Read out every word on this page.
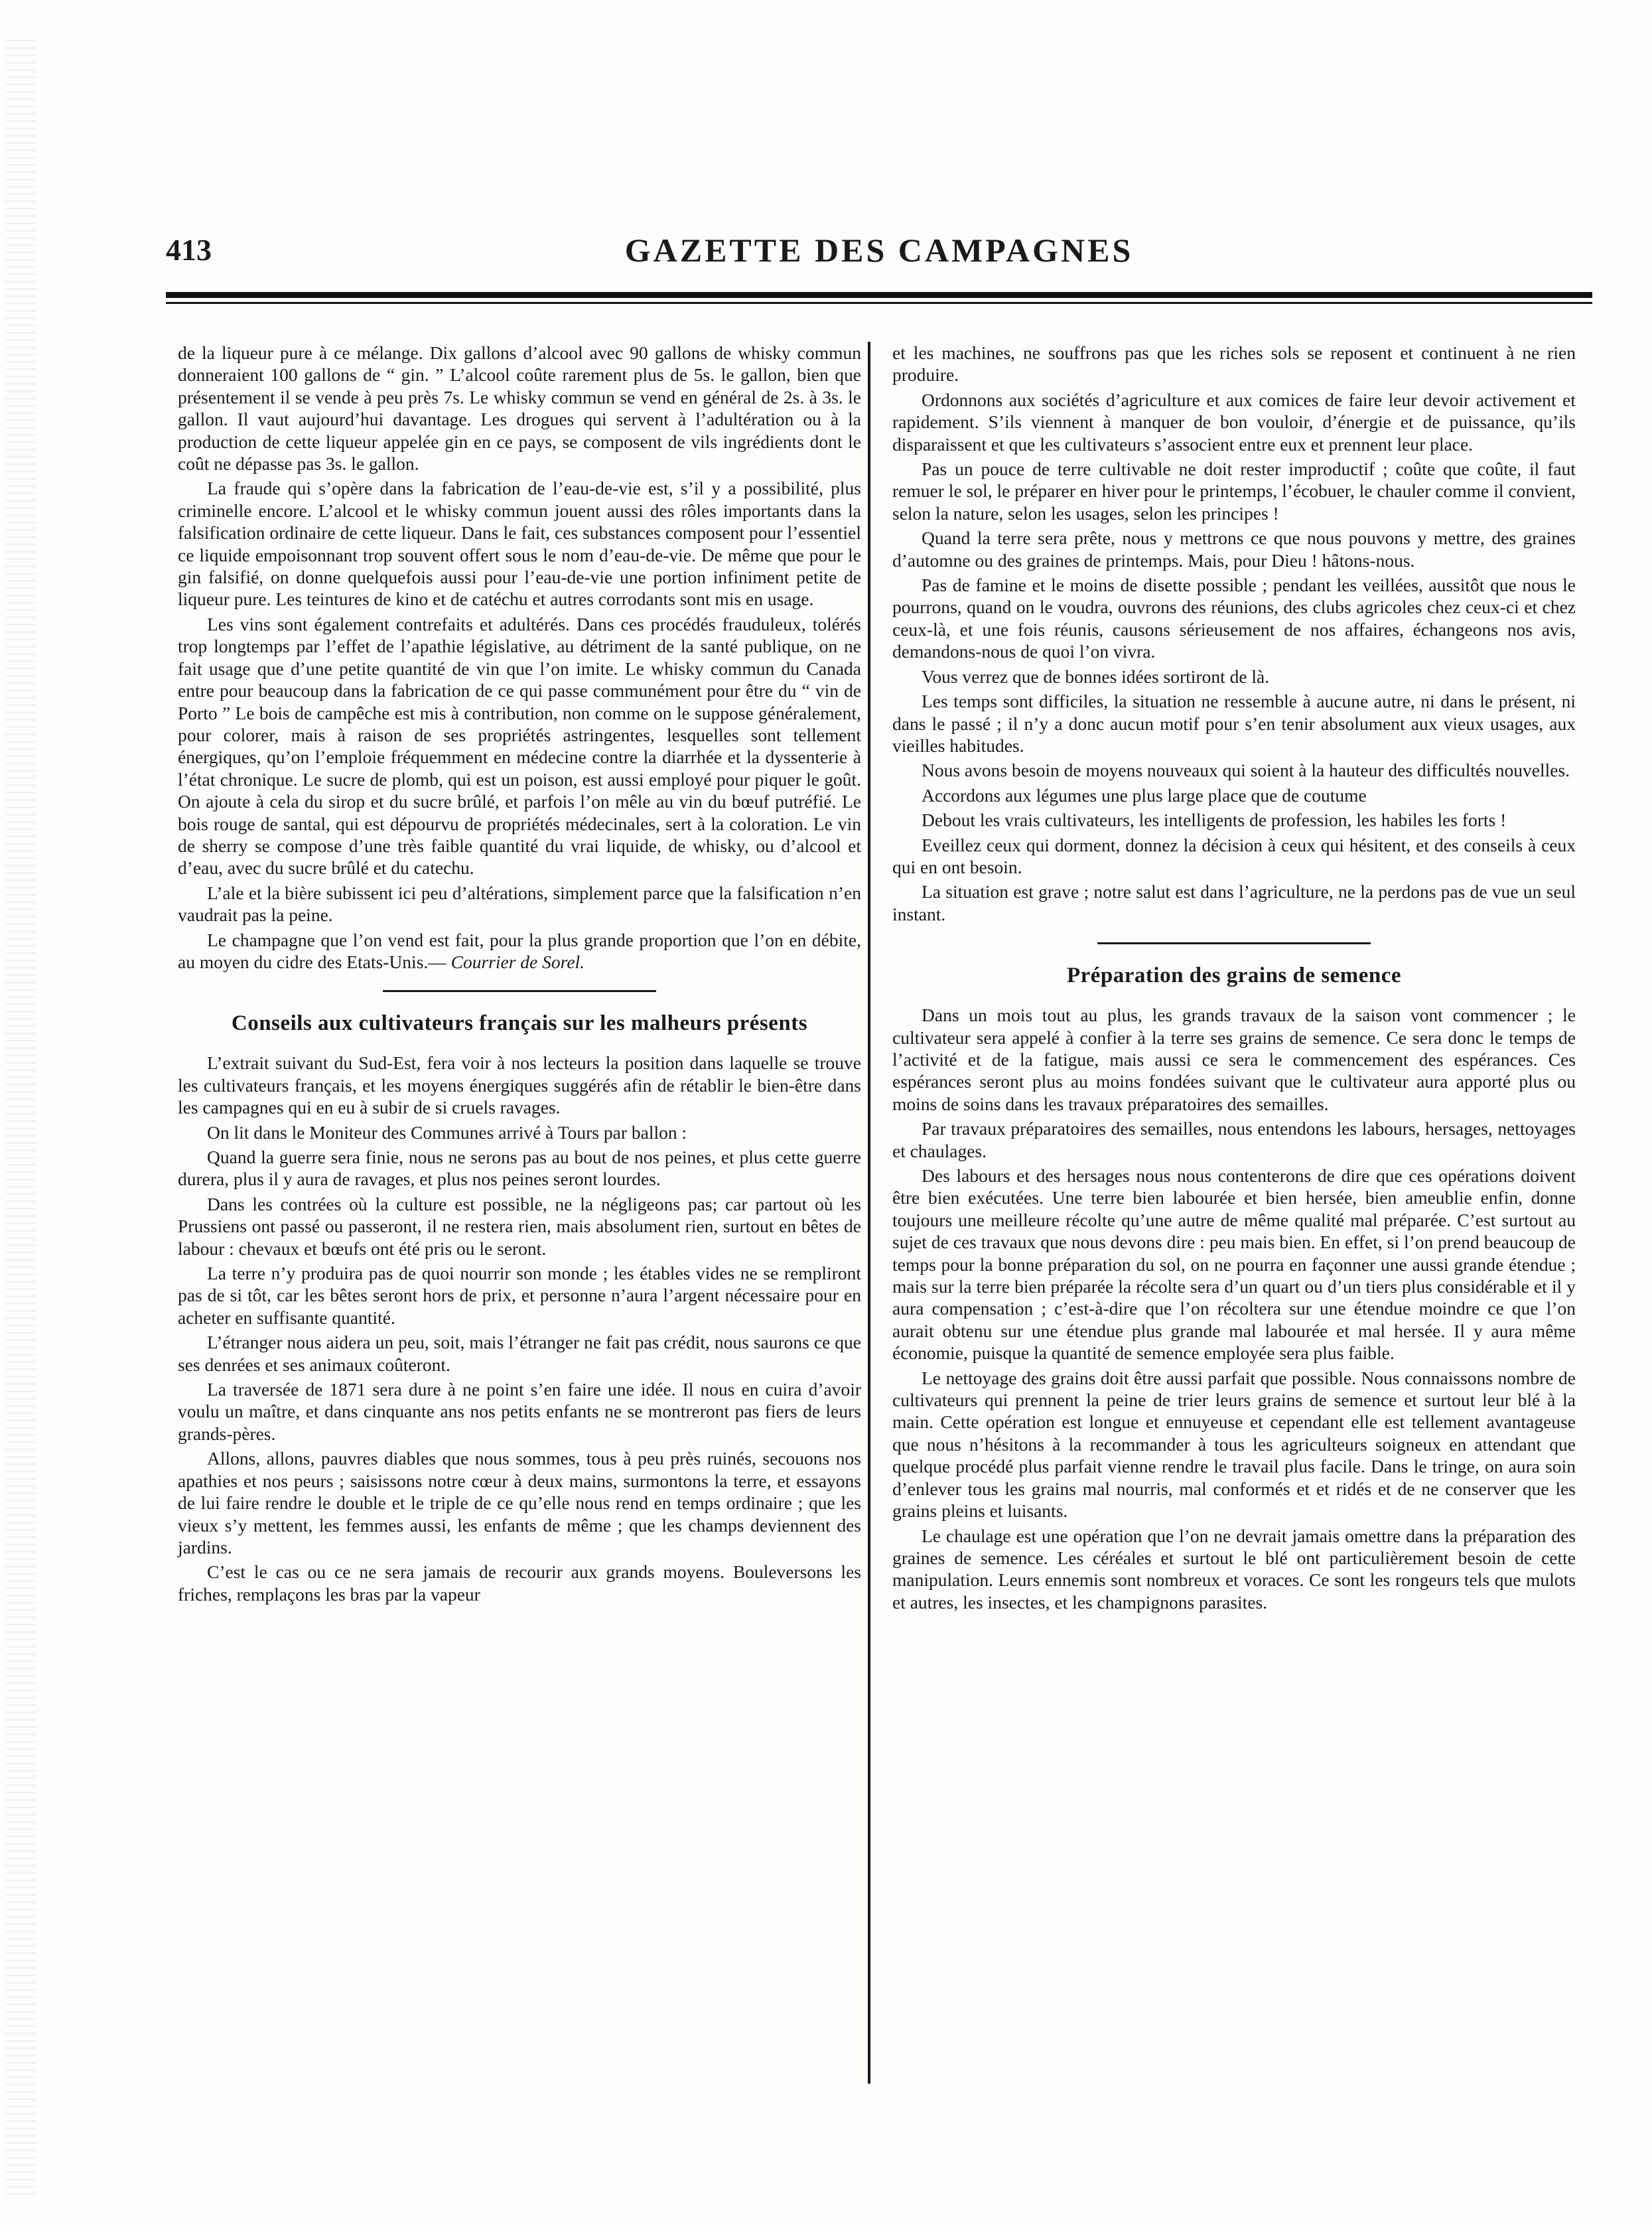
413	GAZETTE DES CAMPAGNES

de la liqueur pure à ce mélange. Dix gallons d’alcool avec 90 gallons de whisky commun donneraient 100 gallons de “ gin. ” L’alcool coûte rarement plus de 5s. le gallon, bien que présentement il se vende à peu près 7s. Le whisky commun se vend en général de 2s. à 3s. le gallon. Il vaut aujourd’hui davantage. Les drogues qui servent à l’adultération ou à la production de cette liqueur appelée gin en ce pays, se composent de vils ingrédients dont le coût ne dépasse pas 3s. le gallon.

La fraude qui s’opère dans la fabrication de l’eau-de-vie est, s’il y a possibilité, plus criminelle encore. L’alcool et le whisky commun jouent aussi des rôles importants dans la falsification ordinaire de cette liqueur. Dans le fait, ces substances composent pour l’essentiel ce liquide empoisonnant trop souvent offert sous le nom d’eau-de-vie. De même que pour le gin falsifié, on donne quelquefois aussi pour l’eau-de-vie une portion infiniment petite de liqueur pure. Les teintures de kino et de catéchu et autres corrodants sont mis en usage.

Les vins sont également contrefaits et adultérés. Dans ces procédés frauduleux, tolérés trop longtemps par l’effet de l’apathie législative, au détriment de la santé publique, on ne fait usage que d’une petite quantité de vin que l’on imite. Le whisky commun du Canada entre pour beaucoup dans la fabrication de ce qui passe communément pour être du “ vin de Porto ” Le bois de campêche est mis à contribution, non comme on le suppose généralement, pour colorer, mais à raison de ses propriétés astringentes, lesquelles sont tellement énergiques, qu’on l’emploie fréquemment en médecine contre la diarrhée et la dyssenterie à l’état chronique. Le sucre de plomb, qui est un poison, est aussi employé pour piquer le goût. On ajoute à cela du sirop et du sucre brûlé, et parfois l’on mêle au vin du bœuf putréfié. Le bois rouge de santal, qui est dépourvu de propriétés médecinales, sert à la coloration. Le vin de sherry se compose d’une très faible quantité du vrai liquide, de whisky, ou d’alcool et d’eau, avec du sucre brûlé et du catechu.

L’ale et la bière subissent ici peu d’altérations, simplement parce que la falsification n’en vaudrait pas la peine.

Le champagne que l’on vend est fait, pour la plus grande proportion que l’on en débite, au moyen du cidre des Etats-Unis.— Courrier de Sorel.

Conseils aux cultivateurs français sur les malheurs présents

L’extrait suivant du Sud-Est, fera voir à nos lecteurs la position dans laquelle se trouve les cultivateurs français, et les moyens énergiques suggérés afin de rétablir le bien-être dans les campagnes qui en eu à subir de si cruels ravages.

On lit dans le Moniteur des Communes arrivé à Tours par ballon :

Quand la guerre sera finie, nous ne serons pas au bout de nos peines, et plus cette guerre durera, plus il y aura de ravages, et plus nos peines seront lourdes.

Dans les contrées où la culture est possible, ne la négligeons pas; car partout où les Prussiens ont passé ou passeront, il ne restera rien, mais absolument rien, surtout en bêtes de labour : chevaux et bœufs ont été pris ou le seront.

La terre n’y produira pas de quoi nourrir son monde ; les étables vides ne se rempliront pas de si tôt, car les bêtes seront hors de prix, et personne n’aura l’argent nécessaire pour en acheter en suffisante quantité.

L’étranger nous aidera un peu, soit, mais l’étranger ne fait pas crédit, nous saurons ce que ses denrées et ses animaux coûteront.

La traversée de 1871 sera dure à ne point s’en faire une idée. Il nous en cuira d’avoir voulu un maître, et dans cinquante ans nos petits enfants ne se montreront pas fiers de leurs grands-pères.

Allons, allons, pauvres diables que nous sommes, tous à peu près ruinés, secouons nos apathies et nos peurs ; saisissons notre cœur à deux mains, surmontons la terre, et essayons de lui faire rendre le double et le triple de ce qu’elle nous rend en temps ordinaire ; que les vieux s’y mettent, les femmes aussi, les enfants de même ; que les champs deviennent des jardins.

C’est le cas ou ce ne sera jamais de recourir aux grands moyens. Bouleversons les friches, remplaçons les bras par la vapeur

et les machines, ne souffrons pas que les riches sols se reposent et continuent à ne rien produire.

Ordonnons aux sociétés d’agriculture et aux comices de faire leur devoir activement et rapidement. S’ils viennent à manquer de bon vouloir, d’énergie et de puissance, qu’ils disparaissent et que les cultivateurs s’associent entre eux et prennent leur place.

Pas un pouce de terre cultivable ne doit rester improductif ; coûte que coûte, il faut remuer le sol, le préparer en hiver pour le printemps, l’écobuer, le chauler comme il convient, selon la nature, selon les usages, selon les principes !

Quand la terre sera prête, nous y mettrons ce que nous pouvons y mettre, des graines d’automne ou des graines de printemps. Mais, pour Dieu ! hâtons-nous.

Pas de famine et le moins de disette possible ; pendant les veillées, aussitôt que nous le pourrons, quand on le voudra, ouvrons des réunions, des clubs agricoles chez ceux-ci et chez ceux-là, et une fois réunis, causons sérieusement de nos affaires, échangeons nos avis, demandons-nous de quoi l’on vivra.

Vous verrez que de bonnes idées sortiront de là.

Les temps sont difficiles, la situation ne ressemble à aucune autre, ni dans le présent, ni dans le passé ; il n’y a donc aucun motif pour s’en tenir absolument aux vieux usages, aux vieilles habitudes.

Nous avons besoin de moyens nouveaux qui soient à la hauteur des difficultés nouvelles.

Accordons aux légumes une plus large place que de coutume

Debout les vrais cultivateurs, les intelligents de profession, les habiles les forts !

Eveillez ceux qui dorment, donnez la décision à ceux qui hésitent, et des conseils à ceux qui en ont besoin.

La situation est grave ; notre salut est dans l’agriculture, ne la perdons pas de vue un seul instant.

Préparation des grains de semence

Dans un mois tout au plus, les grands travaux de la saison vont commencer ; le cultivateur sera appelé à confier à la terre ses grains de semence. Ce sera donc le temps de l’activité et de la fatigue, mais aussi ce sera le commencement des espérances. Ces espérances seront plus au moins fondées suivant que le cultivateur aura apporté plus ou moins de soins dans les travaux préparatoires des semailles.

Par travaux préparatoires des semailles, nous entendons les labours, hersages, nettoyages et chaulages.

Des labours et des hersages nous nous contenterons de dire que ces opérations doivent être bien exécutées. Une terre bien labourée et bien hersée, bien ameublie enfin, donne toujours une meilleure récolte qu’une autre de même qualité mal préparée. C’est surtout au sujet de ces travaux que nous devons dire : peu mais bien. En effet, si l’on prend beaucoup de temps pour la bonne préparation du sol, on ne pourra en façonner une aussi grande étendue ; mais sur la terre bien préparée la récolte sera d’un quart ou d’un tiers plus considérable et il y aura compensation ; c’est-à-dire que l’on récoltera sur une étendue moindre ce que l’on aurait obtenu sur une étendue plus grande mal labourée et mal hersée. Il y aura même économie, puisque la quantité de semence employée sera plus faible.

Le nettoyage des grains doit être aussi parfait que possible. Nous connaissons nombre de cultivateurs qui prennent la peine de trier leurs grains de semence et surtout leur blé à la main. Cette opération est longue et ennuyeuse et cependant elle est tellement avantageuse que nous n’hésitons à la recommander à tous les agriculteurs soigneux en attendant que quelque procédé plus parfait vienne rendre le travail plus facile. Dans le tringe, on aura soin d’enlever tous les grains mal nourris, mal conformés et et ridés et de ne conserver que les grains pleins et luisants.

Le chaulage est une opération que l’on ne devrait jamais omettre dans la préparation des graines de semence. Les céréales et surtout le blé ont particulièrement besoin de cette manipulation. Leurs ennemis sont nombreux et voraces. Ce sont les rongeurs tels que mulots et autres, les insectes, et les champignons parasites.
